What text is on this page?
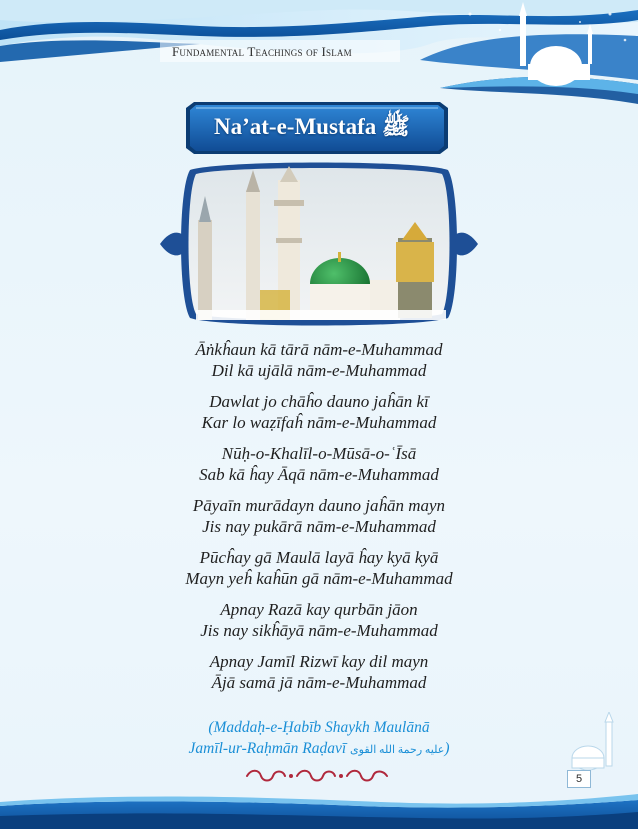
Fundamental Teachings of Islam
Na’at-e-Mustafa ﷺ
Āṅkĥaun kā tārā nām-e-Muhammad
Dil kā ujālā nām-e-Muhammad
Dawlat jo chāĥo dauno jaĥān kī
Kar lo waẓīfaĥ nām-e-Muhammad
Nūḥ-o-Khalīl-o-Mūsā-o-ʿĪsā
Sab kā ĥay Āqā nām-e-Muhammad
Pāyaīn murādayn dauno jaĥān mayn
Jis nay pukārā nām-e-Muhammad
Pūcĥay gā Maulā layā ĥay kyā kyā
Mayn yeĥ kaĥūn gā nām-e-Muhammad
Apnay Razā kay qurbān jāon
Jis nay sikĥāyā nām-e-Muhammad
Apnay Jamīl Rizwī kay dil mayn
Ājā samā jā nām-e-Muhammad
(Maddaḥ-e-Ḥabīb Shaykh Maulānā
Jamīl-ur-Raḥmān Raḍavī عليه رحمة الله القوى)
5
